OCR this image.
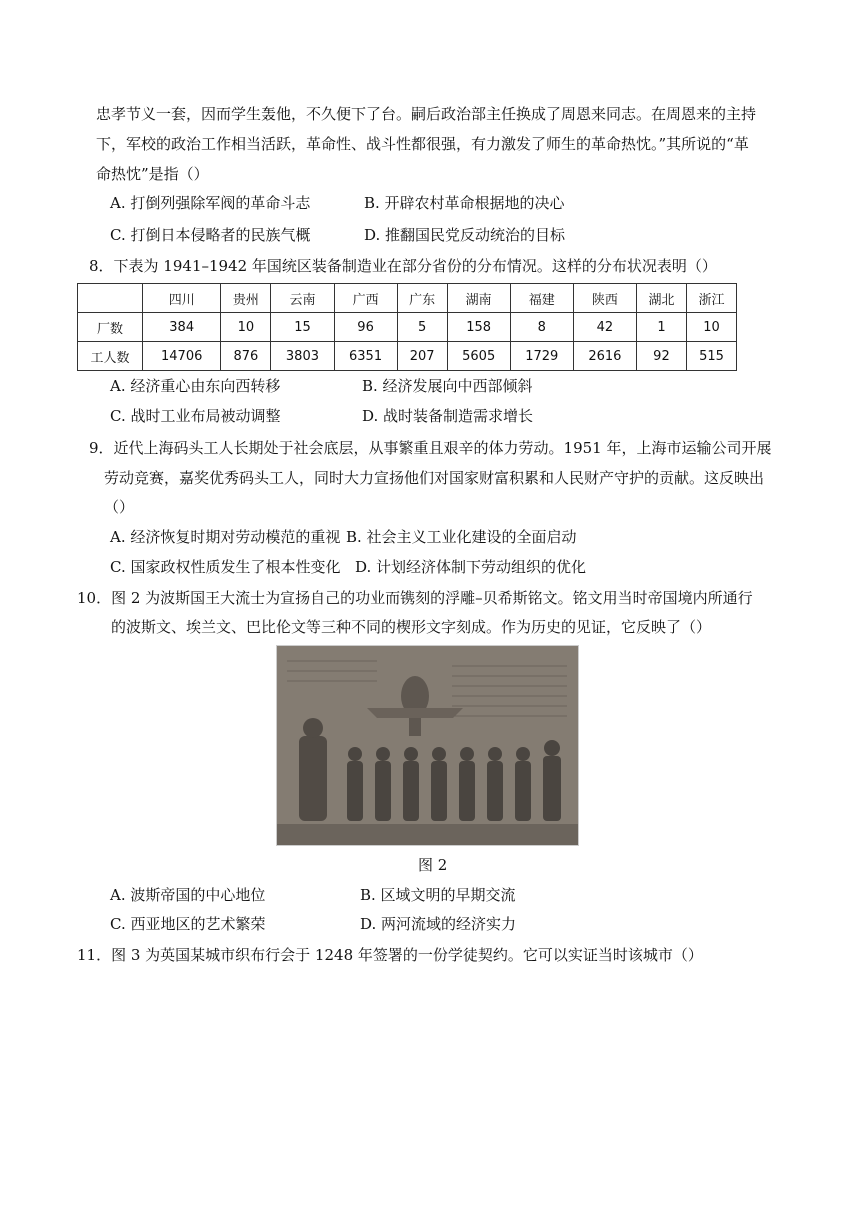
忠孝节义一套，因而学生轰他，不久便下了台。嗣后政治部主任换成了周恩来同志。在周恩来的主持
下，军校的政治工作相当活跃，革命性、战斗性都很强，有力激发了师生的革命热忱。”其所说的“革
命热忱”是指（）
A. 打倒列强除军阀的革命斗志	B. 开辟农村革命根据地的决心
C. 打倒日本侵略者的民族气概	D. 推翻国民党反动统治的目标
8．下表为 1941–1942 年国统区装备制造业在部分省份的分布情况。这样的分布状况表明（）
	四川	贵州	云南	广西	广东	湖南	福建	陕西	湖北	浙江
厂数	384	10	15	96	5	158	8	42	1	10
工人数	14706	876	3803	6351	207	5605	1729	2616	92	515
A. 经济重心由东向西转移	B. 经济发展向中西部倾斜
C. 战时工业布局被动调整	D. 战时装备制造需求增长
9．近代上海码头工人长期处于社会底层，从事繁重且艰辛的体力劳动。1951 年，上海市运输公司开展
劳动竞赛，嘉奖优秀码头工人，同时大力宣扬他们对国家财富积累和人民财产守护的贡献。这反映出
（）
A. 经济恢复时期对劳动模范的重视 B. 社会主义工业化建设的全面启动
C. 国家政权性质发生了根本性变化 D. 计划经济体制下劳动组织的优化
10．图 2 为波斯国王大流士为宣扬自己的功业而镌刻的浮雕–贝希斯铭文。铭文用当时帝国境内所通行
的波斯文、埃兰文、巴比伦文等三种不同的楔形文字刻成。作为历史的见证，它反映了（）
图 2
A. 波斯帝国的中心地位	B. 区域文明的早期交流
C. 西亚地区的艺术繁荣	D. 两河流域的经济实力
11．图 3 为英国某城市织布行会于 1248 年签署的一份学徒契约。它可以实证当时该城市（）
